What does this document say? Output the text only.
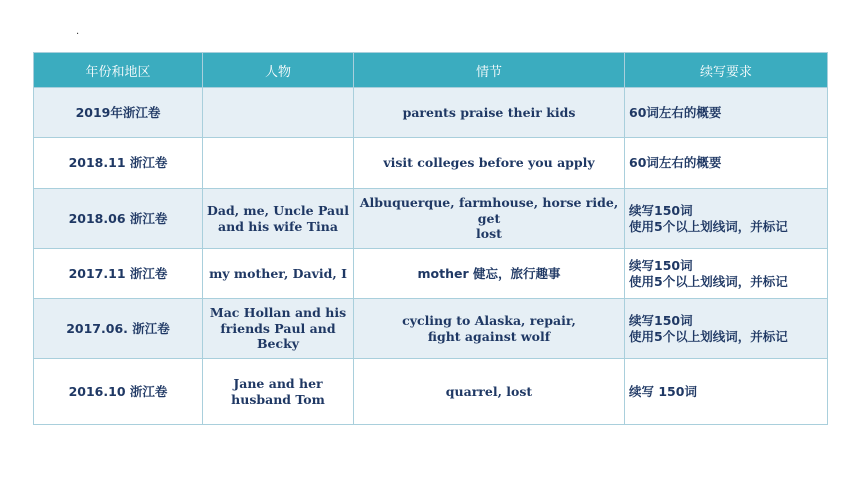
.
年份和地区	人物	情节	续写要求
2019年浙江卷		parents praise their kids	60词左右的概要

2018.11 浙江卷		visit colleges before you apply	60词左右的概要

2018.06 浙江卷	Dad, me, Uncle Paul
and his wife Tina	Albuquerque, farmhouse, horse ride, get
lost	续写150词
使用5个以上划线词，并标记

2017.11 浙江卷	my mother, David, I	mother 健忘，旅行趣事	续写150词
使用5个以上划线词，并标记

2017.06. 浙江卷	Mac Hollan and his
friends Paul and
Becky	cycling to Alaska, repair,
fight against wolf	续写150词
使用5个以上划线词，并标记

2016.10 浙江卷	Jane and her
husband Tom	quarrel, lost	续写 150词
